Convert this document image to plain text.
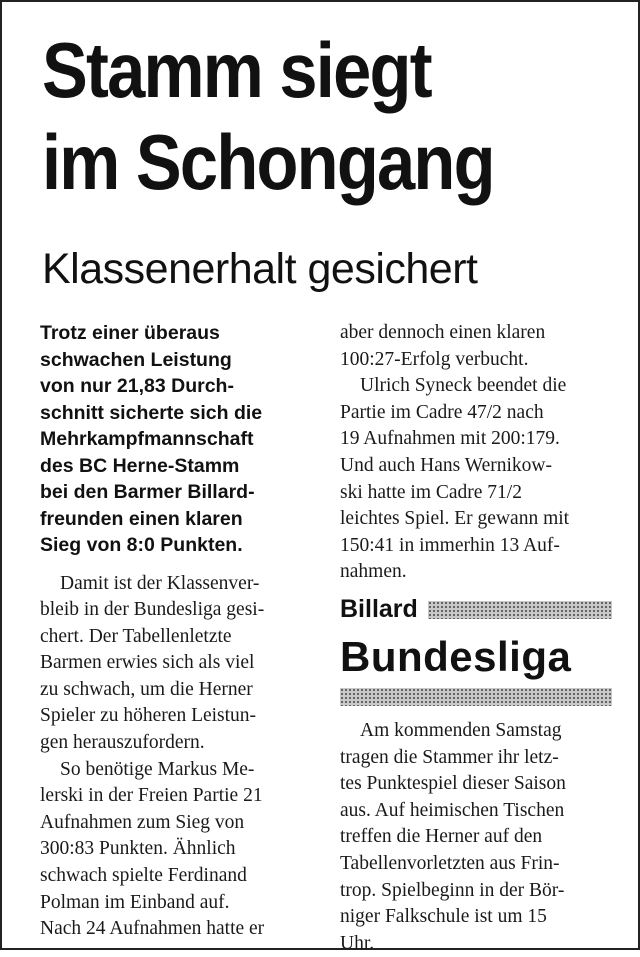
Stamm siegt
im Schongang
Klassenerhalt gesichert
Trotz einer überaus
schwachen Leistung
von nur 21,83 Durch-
schnitt sicherte sich die
Mehrkampfmannschaft
des BC Herne-Stamm
bei den Barmer Billard-
freunden einen klaren
Sieg von 8:0 Punkten.
Damit ist der Klassenver-
bleib in der Bundesliga gesi-
chert. Der Tabellenletzte
Barmen erwies sich als viel
zu schwach, um die Herner
Spieler zu höheren Leistun-
gen herauszufordern.
So benötige Markus Me-
lerski in der Freien Partie 21
Aufnahmen zum Sieg von
300:83 Punkten. Ähnlich
schwach spielte Ferdinand
Polman im Einband auf.
Nach 24 Aufnahmen hatte er
aber dennoch einen klaren
100:27-Erfolg verbucht.
Ulrich Syneck beendet die
Partie im Cadre 47/2 nach
19 Aufnahmen mit 200:179.
Und auch Hans Wernikow-
ski hatte im Cadre 71/2
leichtes Spiel. Er gewann mit
150:41 in immerhin 13 Auf-
nahmen.
Billard
Bundesliga
Am kommenden Samstag
tragen die Stammer ihr letz-
tes Punktespiel dieser Saison
aus. Auf heimischen Tischen
treffen die Herner auf den
Tabellenvorletzten aus Frin-
trop. Spielbeginn in der Bör-
niger Falkschule ist um 15
Uhr.
